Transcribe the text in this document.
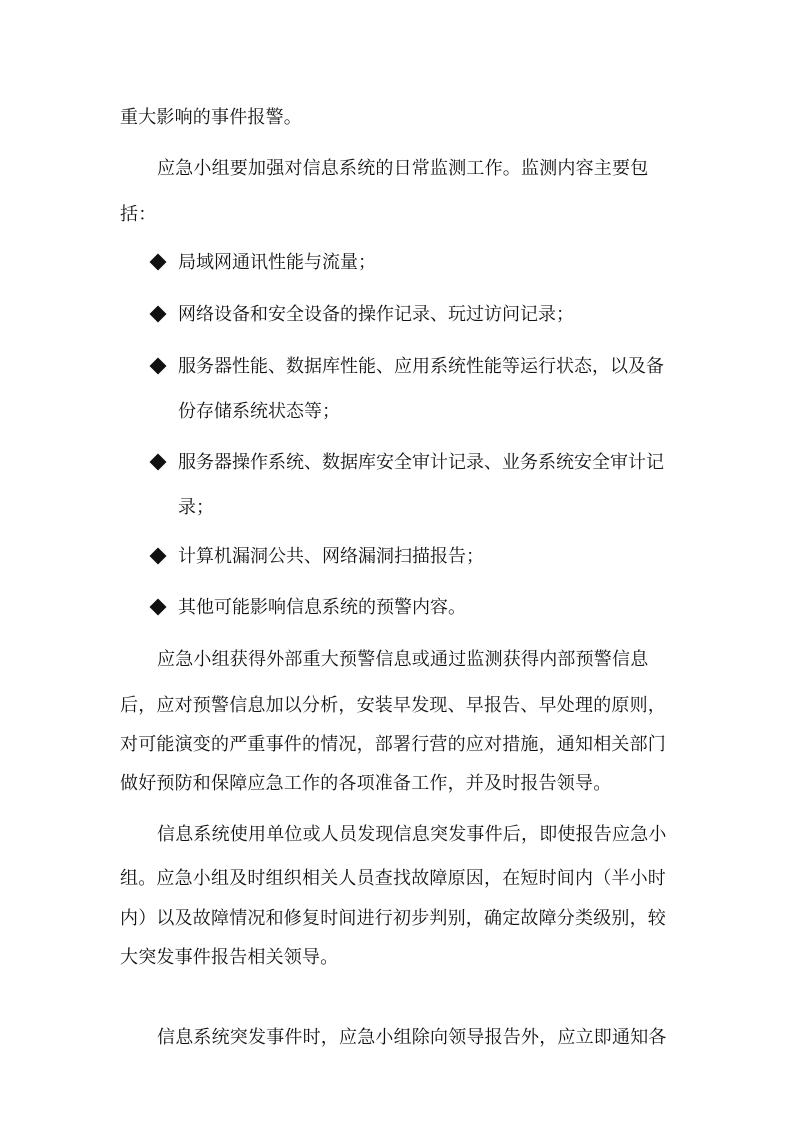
重大影响的事件报警。
应急小组要加强对信息系统的日常监测工作。监测内容主要包
括：
局域网通讯性能与流量；
网络设备和安全设备的操作记录、玩过访问记录；
服务器性能、数据库性能、应用系统性能等运行状态，以及备
份存储系统状态等；
服务器操作系统、数据库安全审计记录、业务系统安全审计记
录；
计算机漏洞公共、网络漏洞扫描报告；
其他可能影响信息系统的预警内容。
应急小组获得外部重大预警信息或通过监测获得内部预警信息
后，应对预警信息加以分析，安装早发现、早报告、早处理的原则，
对可能演变的严重事件的情况，部署行营的应对措施，通知相关部门
做好预防和保障应急工作的各项准备工作，并及时报告领导。
信息系统使用单位或人员发现信息突发事件后，即使报告应急小
组。应急小组及时组织相关人员查找故障原因，在短时间内（半小时
内）以及故障情况和修复时间进行初步判别，确定故障分类级别，较
大突发事件报告相关领导。
信息系统突发事件时，应急小组除向领导报告外，应立即通知各
